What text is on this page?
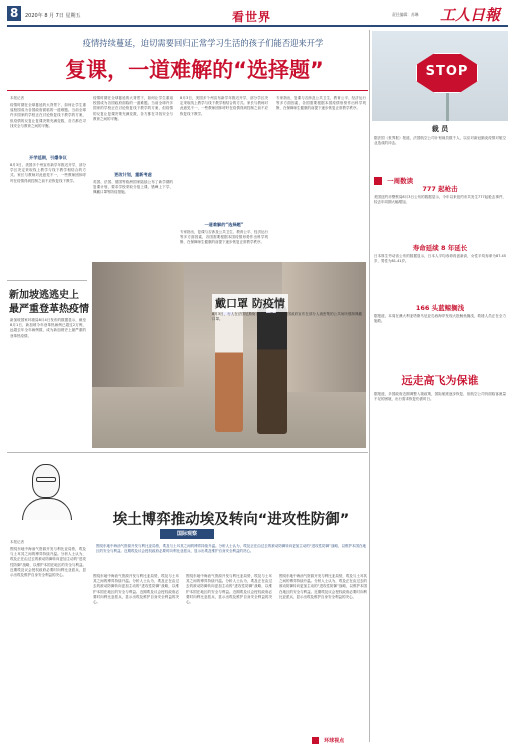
8 2020年 8 月 7日 星期五	看世界	责任编辑：苏琳 工人日報
疫情持续蔓延，迫切需要回归正常学习生活的孩子们能否迎来开学
复课，一道难解的“选择题”	STOP
裁 员
据法国《世界报》报道，法国航空公司计划裁员数千人，以应对新冠肺炎疫情对航空业造成的冲击。
一周数读
777 起枪击
美国纽约市警察局8月3日公布的数据显示，今年以来纽约市共发生777起枪击事件，较去年同期大幅增加。
寿命延续 8 年延长
日本厚生劳动省公布的数据显示，日本人平均寿命再创新高，女性平均寿命为87.45岁，男性为81.41岁。
166 头蓝鲸搁浅
据报道，本周在澳大利亚塔斯马尼亚岛西海岸发现大批鲸鱼搁浅，救援人员正在全力施救。
远走高飞为保谁
据报道，多国政府近期调整入境政策，国际航班逐步恢复，但航空公司仍面临客流量不足的困境，出行需求恢复仍需时日。
本报记者
疫情时期在全球蔓延的大背景下，如何让学生重返校园成为各国政府面临的一道难题。当前全球许多国家的学校正在讨论恢复线下教学的方案，但疫情的反复让复课决策充满变数，各方都在寻找安全与教育之间的平衡。
开学延期，引爆争议
8月3日，美国多个州宣布新学年推迟开学，部分学区决定采取线上教学与线下教学相结合的方式。家长与教师对此意见不一，一些教师团体呼吁在疫情得到控制之前不应恢复线下教学。
疫情时期在全球蔓延的大背景下，如何让学生重返校园成为各国政府面临的一道难题。当前全球许多国家的学校正在讨论恢复线下教学的方案，但疫情的反复让复课决策充满变数，各方都在寻找安全与教育之间的平衡。
更改计划，重新考虑
英国、法国、德国等欧洲国家陆续公布了新学期的复课计划，要求学校采取分组上课、错峰上下学、佩戴口罩等防疫措施。
8月3日，美国多个州宣布新学年推迟开学，部分学区决定采取线上教学与线下教学相结合的方式。家长与教师对此意见不一，一些教师团体呼吁在疫情得到控制之前不应恢复线下教学。
一道难解的“选择题”
专家指出，复课与否涉及公共卫生、教育公平、经济运行等多方面因素，各国需要根据本国疫情形势作出科学判断，在保障师生健康的前提下逐步恢复正常教学秩序。
专家指出，复课与否涉及公共卫生、教育公平、经济运行等多方面因素，各国需要根据本国疫情形势作出科学判断，在保障师生健康的前提下逐步恢复正常教学秩序。
新加坡逃逃史上
最严重登革热疫情
新加坡国家环境局8月4日发布的数据显示，截至8月1日，新加坡今年登革热病例已超过2万例，远超去年全年病例数，成为新加坡史上最严重的登革热疫情。
戴口罩 防疫情
8月3日，行人在法国尼斯街头佩戴口罩出行。法国政府宣布在部分人流密集的公共场所强制佩戴口罩。
埃土博弈推动埃及转向“进攻性防御”
国际观察
围绕东地中海油气资源开发与利比亚局势，埃及与土耳其之间的博弈持续升温。分析人士认为，埃及正在由过去的被动防御转向更加主动的“进攻性防御”战略，以维护本国在地区的安全与利益。近期埃及议会授权政府必要时向利比亚派兵，显示出埃及维护自身安全利益的决心。
本报记者
围绕东地中海油气资源开发与利比亚局势，埃及与土耳其之间的博弈持续升温。分析人士认为，埃及正在由过去的被动防御转向更加主动的“进攻性防御”战略，以维护本国在地区的安全与利益。近期埃及议会授权政府必要时向利比亚派兵，显示出埃及维护自身安全利益的决心。	围绕东地中海油气资源开发与利比亚局势，埃及与土耳其之间的博弈持续升温。分析人士认为，埃及正在由过去的被动防御转向更加主动的“进攻性防御”战略，以维护本国在地区的安全与利益。近期埃及议会授权政府必要时向利比亚派兵，显示出埃及维护自身安全利益的决心。
围绕东地中海油气资源开发与利比亚局势，埃及与土耳其之间的博弈持续升温。分析人士认为，埃及正在由过去的被动防御转向更加主动的“进攻性防御”战略，以维护本国在地区的安全与利益。近期埃及议会授权政府必要时向利比亚派兵，显示出埃及维护自身安全利益的决心。
围绕东地中海油气资源开发与利比亚局势，埃及与土耳其之间的博弈持续升温。分析人士认为，埃及正在由过去的被动防御转向更加主动的“进攻性防御”战略，以维护本国在地区的安全与利益。近期埃及议会授权政府必要时向利比亚派兵，显示出埃及维护自身安全利益的决心。
环球视点
